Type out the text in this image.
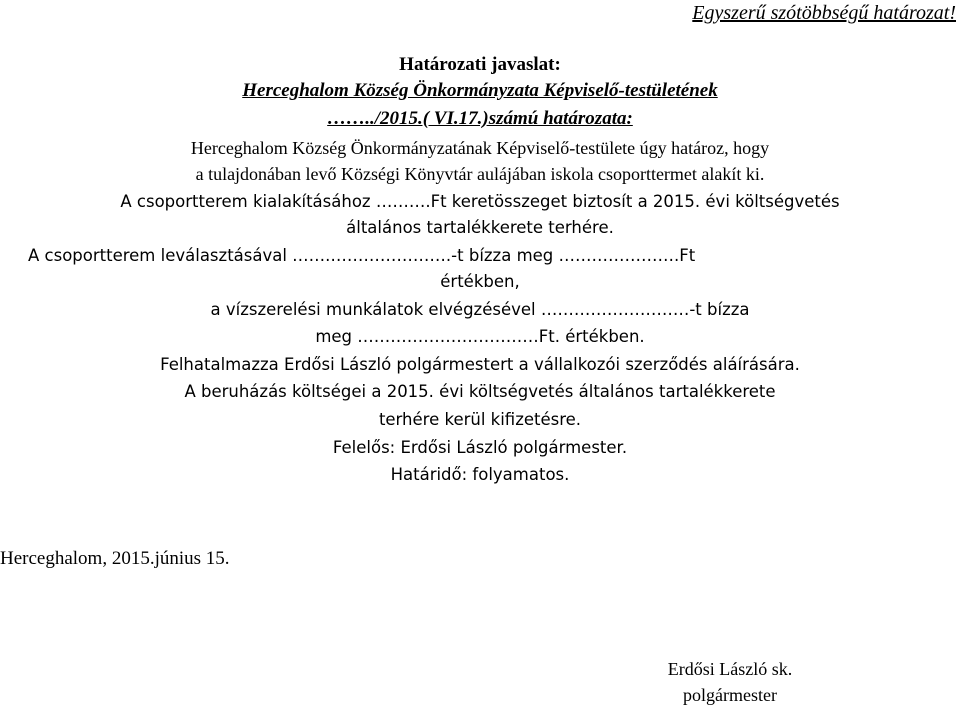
Egyszerű szótöbbségű határozat!
Határozati javaslat:
Herceghalom Község Önkormányzata Képviselő-testületének
……../2015.( VI.17.)számú határozata:
Herceghalom Község Önkormányzatának Képviselő-testülete úgy határoz, hogy
a tulajdonában levő Községi Könyvtár aulájában iskola csoporttermet alakít ki.
A csoportterem kialakításához ……….Ft keretösszeget biztosít a 2015. évi költségvetés
általános tartalékkerete terhére.
A csoportterem leválasztásával …….………………….-t bízza meg ………………….Ft
értékben,
a vízszerelési munkálatok elvégzésével ………………………-t bízza
meg ……………………………Ft. értékben.
Felhatalmazza Erdősi László polgármestert a vállalkozói szerződés aláírására.
A beruházás költségei a 2015. évi költségvetés általános tartalékkerete
terhére kerül kifizetésre.
Felelős: Erdősi László polgármester.
Határidő: folyamatos.
Herceghalom, 2015.június 15.
Erdősi László sk.
polgármester
